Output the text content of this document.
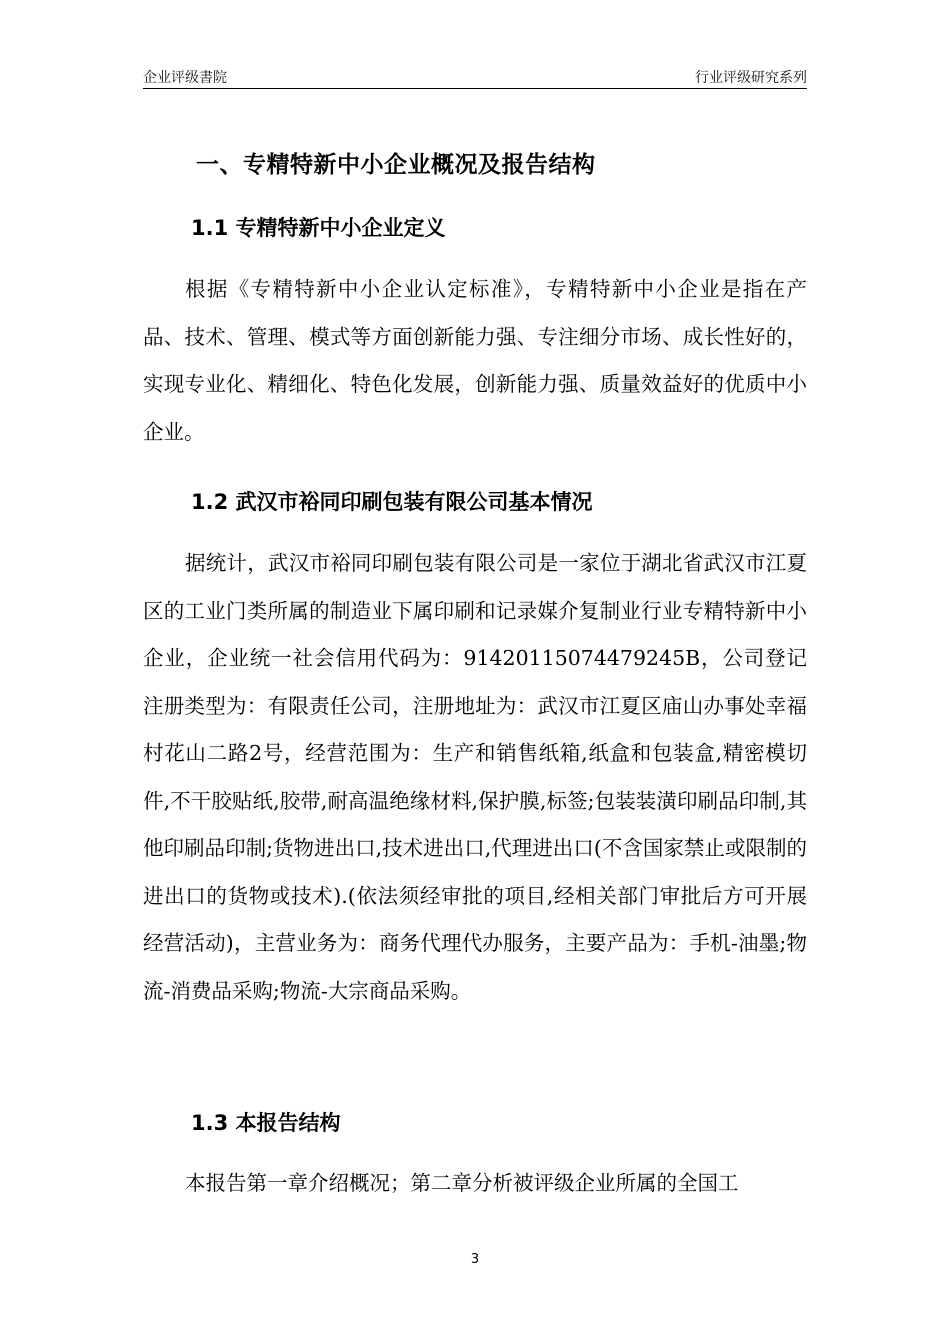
企业评级書院	行业评级研究系列
一、专精特新中小企业概况及报告结构
1.1 专精特新中小企业定义
根据《专精特新中小企业认定标准》，专精特新中小企业是指在产品、技术、管理、模式等方面创新能力强、专注细分市场、成长性好的，实现专业化、精细化、特色化发展，创新能力强、质量效益好的优质中小企业。
1.2 武汉市裕同印刷包装有限公司基本情况
据统计，武汉市裕同印刷包装有限公司是一家位于湖北省武汉市江夏区的工业门类所属的制造业下属印刷和记录媒介复制业行业专精特新中小企业，企业统一社会信用代码为：91420115074479245B，公司登记注册类型为：有限责任公司，注册地址为：武汉市江夏区庙山办事处幸福村花山二路2号，经营范围为：生产和销售纸箱,纸盒和包装盒,精密模切件,不干胶贴纸,胶带,耐高温绝缘材料,保护膜,标签;包装装潢印刷品印制,其他印刷品印制;货物进出口,技术进出口,代理进出口(不含国家禁止或限制的进出口的货物或技术).(依法须经审批的项目,经相关部门审批后方可开展经营活动)，主营业务为：商务代理代办服务，主要产品为：手机-油墨;物流-消费品采购;物流-大宗商品采购。
1.3 本报告结构
本报告第一章介绍概况；第二章分析被评级企业所属的全国工
3
